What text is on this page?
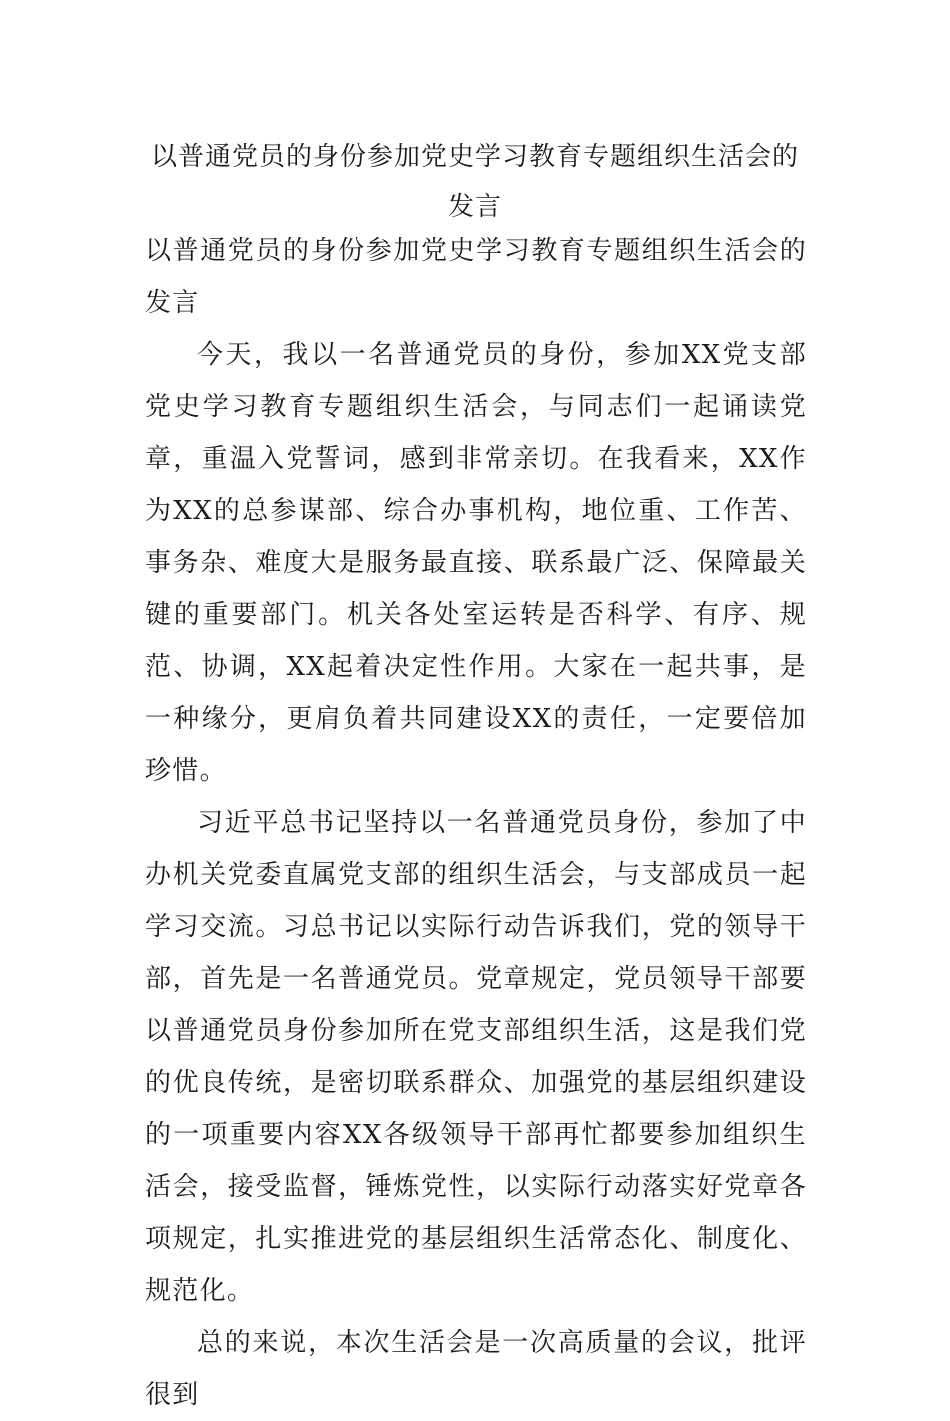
以普通党员的身份参加党史学习教育专题组织生活会的发言

以普通党员的身份参加党史学习教育专题组织生活会的发言

今天，我以一名普通党员的身份，参加XX党支部党史学习教育专题组织生活会，与同志们一起诵读党章，重温入党誓词，感到非常亲切。在我看来，XX作为XX的总参谋部、综合办事机构，地位重、工作苦、事务杂、难度大是服务最直接、联系最广泛、保障最关键的重要部门。机关各处室运转是否科学、有序、规范、协调，XX起着决定性作用。大家在一起共事，是一种缘分，更肩负着共同建设XX的责任，一定要倍加珍惜。

习近平总书记坚持以一名普通党员身份，参加了中办机关党委直属党支部的组织生活会，与支部成员一起学习交流。习总书记以实际行动告诉我们，党的领导干部，首先是一名普通党员。党章规定，党员领导干部要以普通党员身份参加所在党支部组织生活，这是我们党的优良传统，是密切联系群众、加强党的基层组织建设的一项重要内容XX各级领导干部再忙都要参加组织生活会，接受监督，锤炼党性，以实际行动落实好党章各项规定，扎实推进党的基层组织生活常态化、制度化、规范化。

总的来说，本次生活会是一次高质量的会议，批评很到
